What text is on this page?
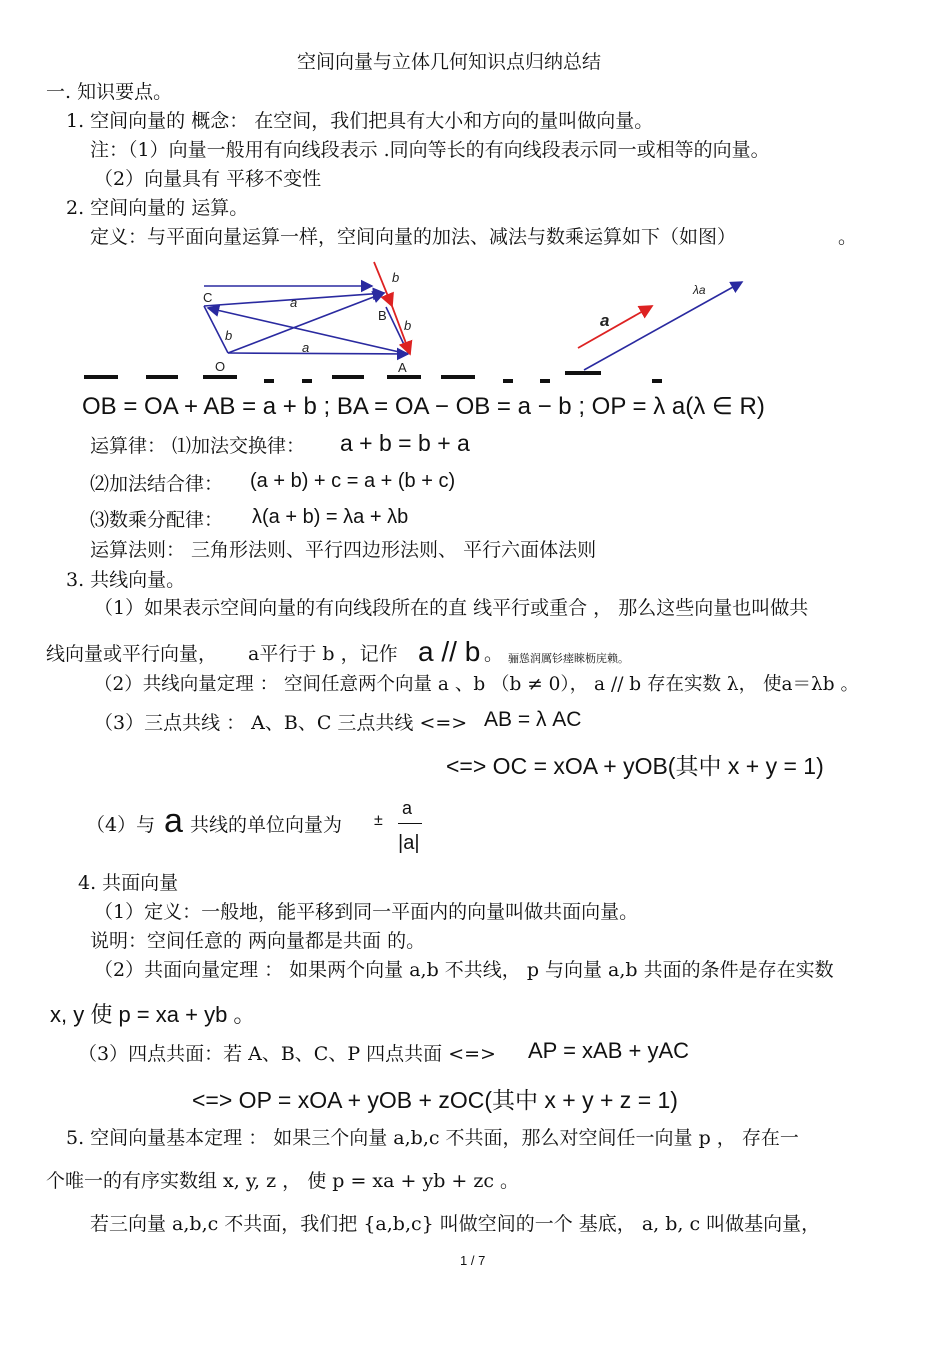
空间向量与立体几何知识点归纳总结
一. 知识要点。
1. 空间向量的 概念： 在空间，我们把具有大小和方向的量叫做向量。
注：（1）向量一般用有向线段表示 .同向等长的有向线段表示同一或相等的向量。
（2）向量具有 平移不变性
2. 空间向量的 运算。
定义：与平面向量运算一样，空间向量的加法、减法与数乘运算如下（如图）	。
C
B
O	A
a
a
b
b
b	a
λa
OB = OA + AB = a + b ; BA = OA − OB = a − b ; OP = λ a(λ ∈ R)
运算律： ⑴加法交换律： a + b = b + a
⑵加法结合律： (a + b) + c = a + (b + c)
⑶数乘分配律： λ(a + b) = λa + λb
运算法则： 三角形法则、平行四边形法则、 平行六面体法则
3. 共线向量。
（1）如果表示空间向量的有向线段所在的直 线平行或重合 ， 那么这些向量也叫做共
线向量或平行向量， a平行于 b ，记作 a // b 。 骊慫润厲钐瘗睞枥庑赖。
（2）共线向量定理 ： 空间任意两个向量 a 、b （b ≠ 0）， a // b 存在实数 λ， 使a＝λb 。
（3）三点共线 ： A、B、C 三点共线 <=> AB = λ AC
<=> OC = xOA + yOB(其中 x + y = 1)
（4）与 a 共线的单位向量为 ±
a
|a|
4. 共面向量
（1）定义：一般地，能平移到同一平面内的向量叫做共面向量。
说明：空间任意的 两向量都是共面 的。
（2）共面向量定理 ： 如果两个向量 a,b 不共线， p 与向量 a,b 共面的条件是存在实数
x, y 使 p = xa + yb 。
（3）四点共面：若 A、B、C、P 四点共面 <=> AP = xAB + yAC
<=> OP = xOA + yOB + zOC(其中 x + y + z = 1)
5. 空间向量基本定理 ： 如果三个向量 a,b,c 不共面，那么对空间任一向量 p ， 存在一
个唯一的有序实数组 x, y, z ， 使 p = xa + yb + zc 。
若三向量 a,b,c 不共面，我们把 {a,b,c} 叫做空间的一个 基底， a, b, c 叫做基向量，
1 / 7
